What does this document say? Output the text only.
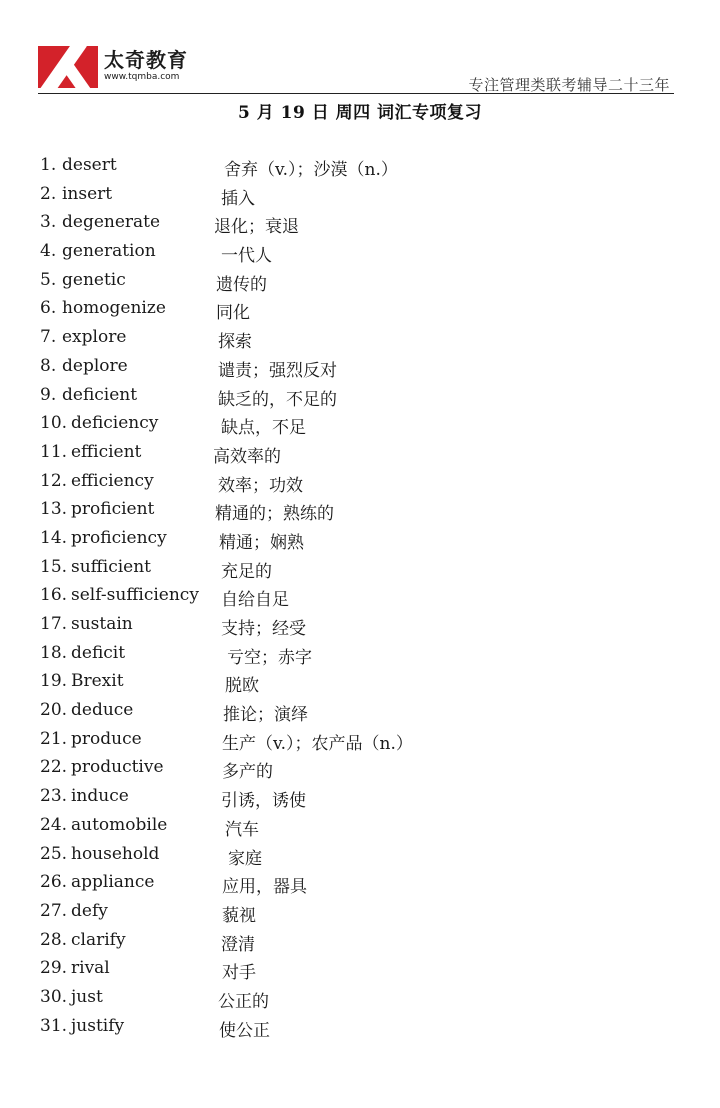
太奇教育
www.tqmba.com	专注管理类联考辅导二十三年
5 月 19 日 周四 词汇专项复习
1. desert	舍弃（v.）；沙漠（n.）
2. insert	插入
3. degenerate	退化；衰退
4. generation	一代人
5. genetic	遗传的
6. homogenize	同化
7. explore	探索
8. deplore	谴责；强烈反对
9. deficient	缺乏的，不足的
10. deficiency	缺点，不足
11. efficient	高效率的
12. efficiency	效率；功效
13. proficient	精通的；熟练的
14. proficiency	精通；娴熟
15. sufficient	充足的
16. self-sufficiency 自给自足
17. sustain	支持；经受
18. deficit	亏空；赤字
19. Brexit	脱欧
20. deduce	推论；演绎
21. produce	生产（v.）；农产品（n.）
22. productive	多产的
23. induce	引诱，诱使
24. automobile	汽车
25. household	家庭
26. appliance	应用，器具
27. defy	藐视
28. clarify	澄清
29. rival	对手
30. just	公正的
31. justify	使公正
